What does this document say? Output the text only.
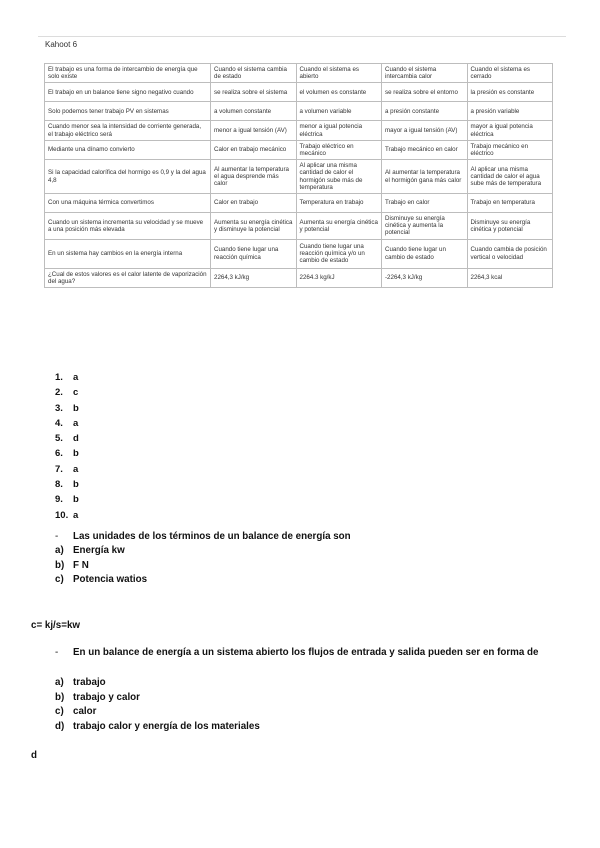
Kahoot 6
El trabajo es una forma de intercambio de energía que solo existe	Cuando el sistema cambia de estado	Cuando el sistema es abierto	Cuando el sistema intercambia calor	Cuando el sistema es cerrado
El trabajo en un balance tiene signo negativo cuando	se realiza sobre el sistema	el volumen es constante	se realiza sobre el entorno	la presión es constante
Solo podemos tener trabajo PV en sistemas	a volumen constante	a volumen variable	a presión constante	a presión variable
Cuando menor sea la intensidad de corriente generada, el trabajo eléctrico será	menor a igual tensión (AV)	menor a igual potencia eléctrica	mayor a igual tensión (AV)	mayor a igual potencia eléctrica
Mediante una dínamo convierto	Calor en trabajo mecánico	Trabajo eléctrico en mecánico	Trabajo mecánico en calor	Trabajo mecánico en eléctrico
Si la capacidad calorífica del hormigo es 0,9 y la del agua 4,8	Al aumentar la temperatura el agua desprende más calor	Al aplicar una misma cantidad de calor el hormigón sube más de temperatura	Al aumentar la temperatura el hormigón gana más calor	Al aplicar una misma cantidad de calor el agua sube más de temperatura
Con una máquina térmica convertimos	Calor en trabajo	Temperatura en trabajo	Trabajo en calor	Trabajo en temperatura
Cuando un sistema incrementa su velocidad y se mueve a una posición más elevada	Aumenta su energía cinética y disminuye la potencial	Aumenta su energía cinética y potencial	Disminuye su energía cinética y aumenta la potencial	Disminuye su energía cinética y potencial
En un sistema hay cambios en la energía interna	Cuando tiene lugar una reacción química	Cuando tiene lugar una reacción química y/o un cambio de estado	Cuando tiene lugar un cambio de estado	Cuando cambia de posición vertical o velocidad
¿Cual de estos valores es el calor latente de vaporización del agua?	2264,3 kJ/kg	2264.3 kg/kJ	-2264,3 kJ/kg	2264,3 kcal
1. a
2. c
3. b
4. a
5. d
6. b
7. a
8. b
9. b
10. a
- Las unidades de los términos de un balance de energía son
a) Energía kw
b) F N
c) Potencia watios
c= kj/s=kw
- En un balance de energía a un sistema abierto los flujos de entrada y salida pueden ser en forma de
a) trabajo
b) trabajo y calor
c) calor
d) trabajo calor y energía de los materiales
d
